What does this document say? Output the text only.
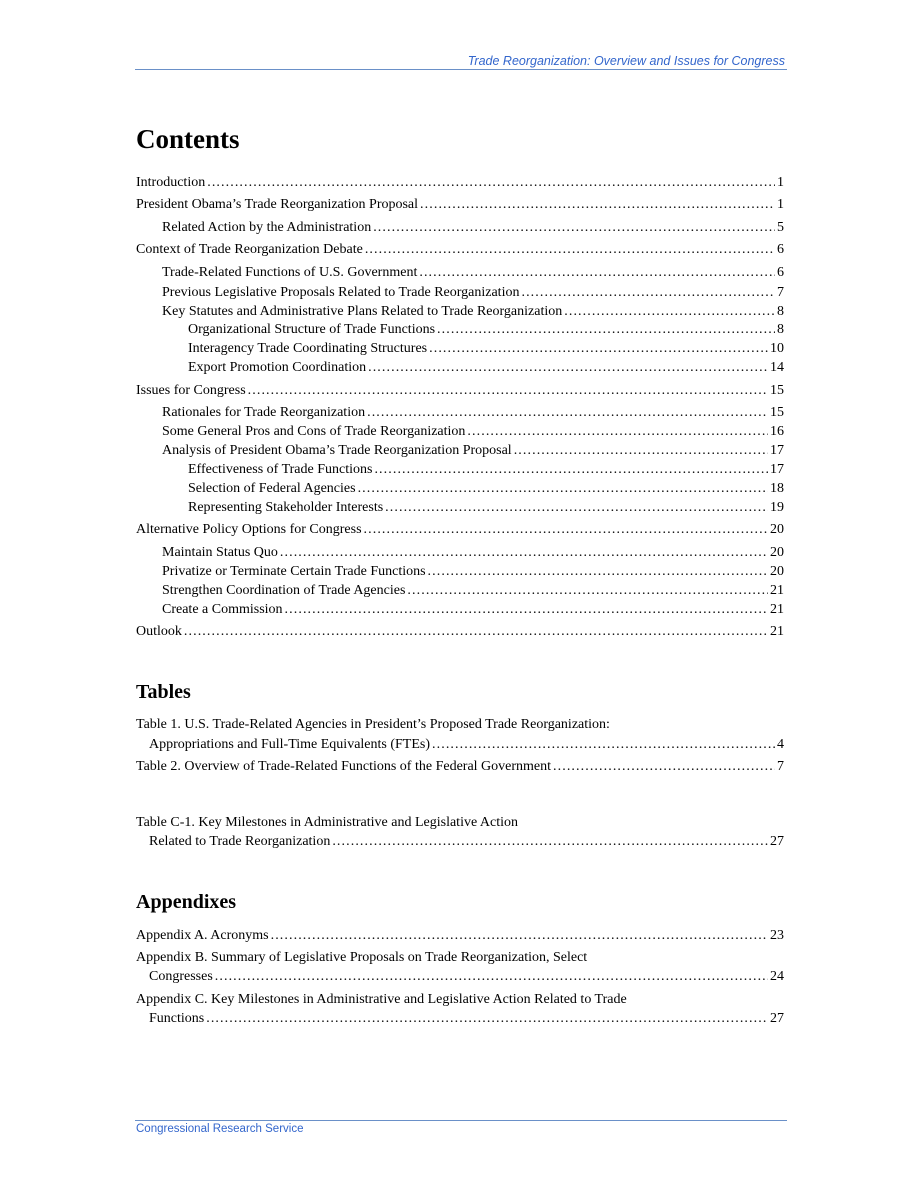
Trade Reorganization: Overview and Issues for Congress
Contents
Introduction . . .	1
President Obama’s Trade Reorganization Proposal . . .	1
Related Action by the Administration . . .	5
Context of Trade Reorganization Debate . . .	6
Trade-Related Functions of U.S. Government . . .	6
Previous Legislative Proposals Related to Trade Reorganization . . .	7
Key Statutes and Administrative Plans Related to Trade Reorganization . . .	8
Organizational Structure of Trade Functions . . .	8
Interagency Trade Coordinating Structures . . .	10
Export Promotion Coordination . . .	14
Issues for Congress . . .	15
Rationales for Trade Reorganization . . .	15
Some General Pros and Cons of Trade Reorganization . . .	16
Analysis of President Obama’s Trade Reorganization Proposal . . .	17
Effectiveness of Trade Functions . . .	17
Selection of Federal Agencies . . .	18
Representing Stakeholder Interests . . .	19
Alternative Policy Options for Congress . . .	20
Maintain Status Quo . . .	20
Privatize or Terminate Certain Trade Functions . . .	20
Strengthen Coordination of Trade Agencies . . .	21
Create a Commission . . .	21
Outlook . . .	21
Tables
Table 1. U.S. Trade-Related Agencies in President’s Proposed Trade Reorganization:
Appropriations and Full-Time Equivalents (FTEs) . . .	4
Table 2. Overview of Trade-Related Functions of the Federal Government . . .	7
Table C-1. Key Milestones in Administrative and Legislative Action
Related to Trade Reorganization . . .	27
Appendixes
Appendix A. Acronyms . . .	23
Appendix B. Summary of Legislative Proposals on Trade Reorganization, Select
Congresses . . .	24
Appendix C. Key Milestones in Administrative and Legislative Action Related to Trade
Functions . . .	27
Congressional Research Service
